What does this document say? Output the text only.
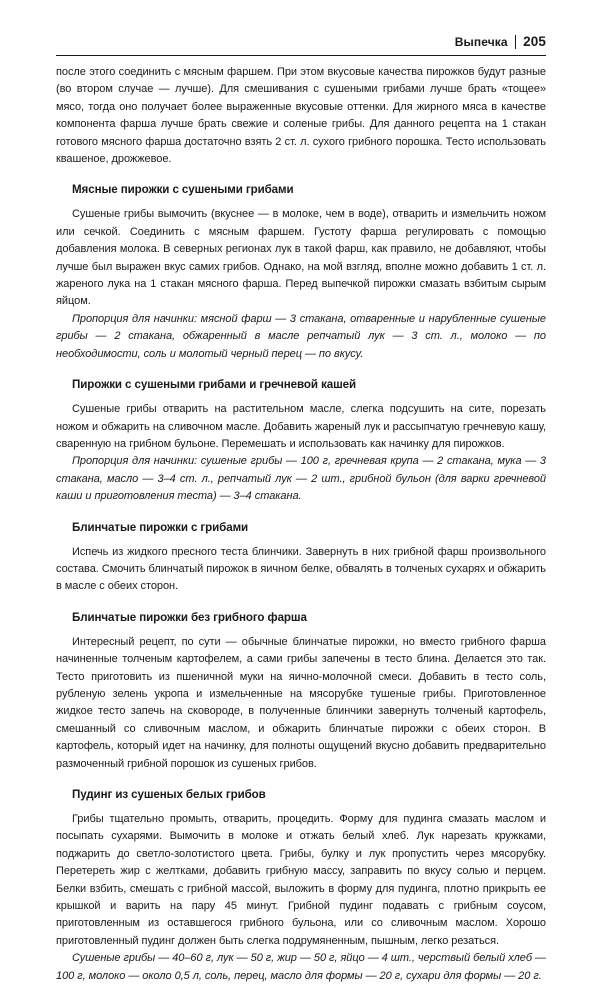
Выпечка 205

после этого соединить с мясным фаршем. При этом вкусовые качества пирожков будут разные (во втором случае — лучше). Для смешивания с сушеными грибами лучше брать «тощее» мясо, тогда оно получает более выраженные вкусовые оттенки. Для жирного мяса в качестве компонента фарша лучше брать свежие и соленые грибы. Для данного рецепта на 1 стакан готового мясного фарша достаточно взять 2 ст. л. сухого грибного порошка. Тесто использовать квашеное, дрожжевое.

Мясные пирожки с сушеными грибами

Сушеные грибы вымочить (вкуснее — в молоке, чем в воде), отварить и измельчить ножом или сечкой. Соединить с мясным фаршем. Густоту фарша регулировать с помощью добавления молока. В северных регионах лук в такой фарш, как правило, не добавляют, чтобы лучше был выражен вкус самих грибов. Однако, на мой взгляд, вполне можно добавить 1 ст. л. жареного лука на 1 стакан мясного фарша. Перед выпечкой пирожки смазать взбитым сырым яйцом.

Пропорция для начинки: мясной фарш — 3 стакана, отваренные и нарубленные сушеные грибы — 2 стакана, обжаренный в масле репчатый лук — 3 ст. л., молоко — по необходимости, соль и молотый черный перец — по вкусу.

Пирожки с сушеными грибами и гречневой кашей

Сушеные грибы отварить на растительном масле, слегка подсушить на сите, порезать ножом и обжарить на сливочном масле. Добавить жареный лук и рассыпчатую гречневую кашу, сваренную на грибном бульоне. Перемешать и использовать как начинку для пирожков.

Пропорция для начинки: сушеные грибы — 100 г, гречневая крупа — 2 стакана, мука — 3 стакана, масло — 3–4 ст. л., репчатый лук — 2 шт., грибной бульон (для варки гречневой каши и приготовления теста) — 3–4 стакана.

Блинчатые пирожки с грибами

Испечь из жидкого пресного теста блинчики. Завернуть в них грибной фарш произвольного состава. Смочить блинчатый пирожок в яичном белке, обвалять в толченых сухарях и обжарить в масле с обеих сторон.

Блинчатые пирожки без грибного фарша

Интересный рецепт, по сути — обычные блинчатые пирожки, но вместо грибного фарша начиненные толченым картофелем, а сами грибы запечены в тесто блина. Делается это так. Тесто приготовить из пшеничной муки на яично-молочной смеси. Добавить в тесто соль, рубленую зелень укропа и измельченные на мясорубке тушеные грибы. Приготовленное жидкое тесто запечь на сковороде, в полученные блинчики завернуть толченый картофель, смешанный со сливочным маслом, и обжарить блинчатые пирожки с обеих сторон. В картофель, который идет на начинку, для полноты ощущений вкусно добавить предварительно размоченный грибной порошок из сушеных грибов.

Пудинг из сушеных белых грибов

Грибы тщательно промыть, отварить, процедить. Форму для пудинга смазать маслом и посыпать сухарями. Вымочить в молоке и отжать белый хлеб. Лук нарезать кружками, поджарить до светло-золотистого цвета. Грибы, булку и лук пропустить через мясорубку. Перетереть жир с желтками, добавить грибную массу, заправить по вкусу солью и перцем. Белки взбить, смешать с грибной массой, выложить в форму для пудинга, плотно прикрыть ее крышкой и варить на пару 45 минут. Грибной пудинг подавать с грибным соусом, приготовленным из оставшегося грибного бульона, или со сливочным маслом. Хорошо приготовленный пудинг должен быть слегка подрумяненным, пышным, легко резаться.

Сушеные грибы — 40–60 г, лук — 50 г, жир — 50 г, яйцо — 4 шт., черствый белый хлеб — 100 г, молоко — около 0,5 л, соль, перец, масло для формы — 20 г, сухари для формы — 20 г.
